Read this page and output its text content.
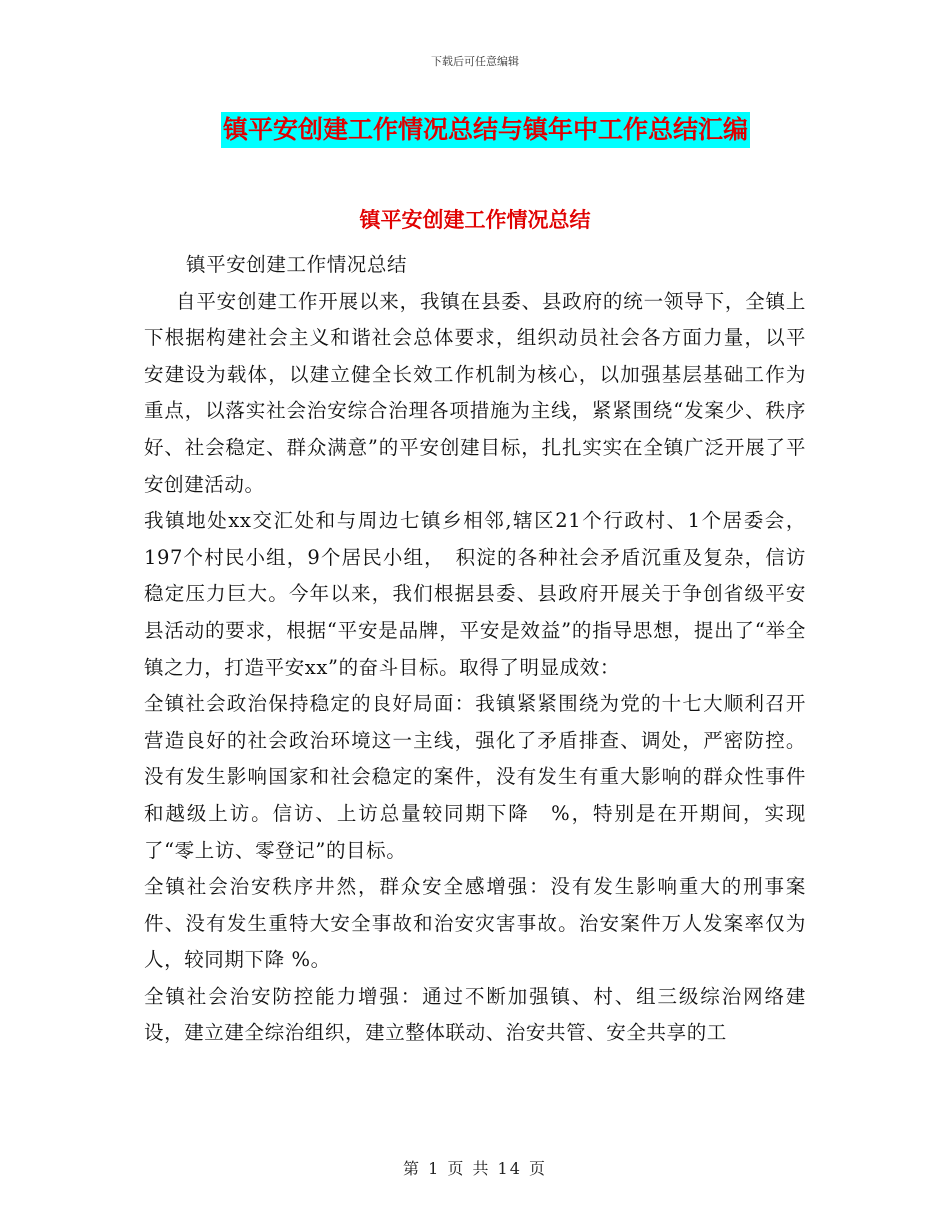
下载后可任意编辑
镇平安创建工作情况总结与镇年中工作总结汇编
镇平安创建工作情况总结

镇平安创建工作情况总结

自平安创建工作开展以来，我镇在县委、县政府的统一领导下，全镇上下根据构建社会主义和谐社会总体要求，组织动员社会各方面力量，以平安建设为载体，以建立健全长效工作机制为核心，以加强基层基础工作为重点，以落实社会治安综合治理各项措施为主线，紧紧围绕“发案少、秩序好、社会稳定、群众满意”的平安创建目标，扎扎实实在全镇广泛开展了平安创建活动。

我镇地处xx交汇处和与周边七镇乡相邻,辖区21个行政村、1个居委会，197个村民小组，9个居民小组，　积淀的各种社会矛盾沉重及复杂，信访稳定压力巨大。今年以来，我们根据县委、县政府开展关于争创省级平安县活动的要求，根据“平安是品牌，平安是效益”的指导思想，提出了“举全镇之力，打造平安xx”的奋斗目标。取得了明显成效：

全镇社会政治保持稳定的良好局面：我镇紧紧围绕为党的十七大顺利召开营造良好的社会政治环境这一主线，强化了矛盾排查、调处，严密防控。没有发生影响国家和社会稳定的案件，没有发生有重大影响的群众性事件和越级上访。信访、上访总量较同期下降　%，特别是在开期间，实现了“零上访、零登记”的目标。

全镇社会治安秩序井然，群众安全感增强：没有发生影响重大的刑事案件、没有发生重特大安全事故和治安灾害事故。治安案件万人发案率仅为　人，较同期下降 %。

全镇社会治安防控能力增强：通过不断加强镇、村、组三级综治网络建设，建立建全综治组织，建立整体联动、治安共管、安全共享的工

第 1 页 共 14 页
